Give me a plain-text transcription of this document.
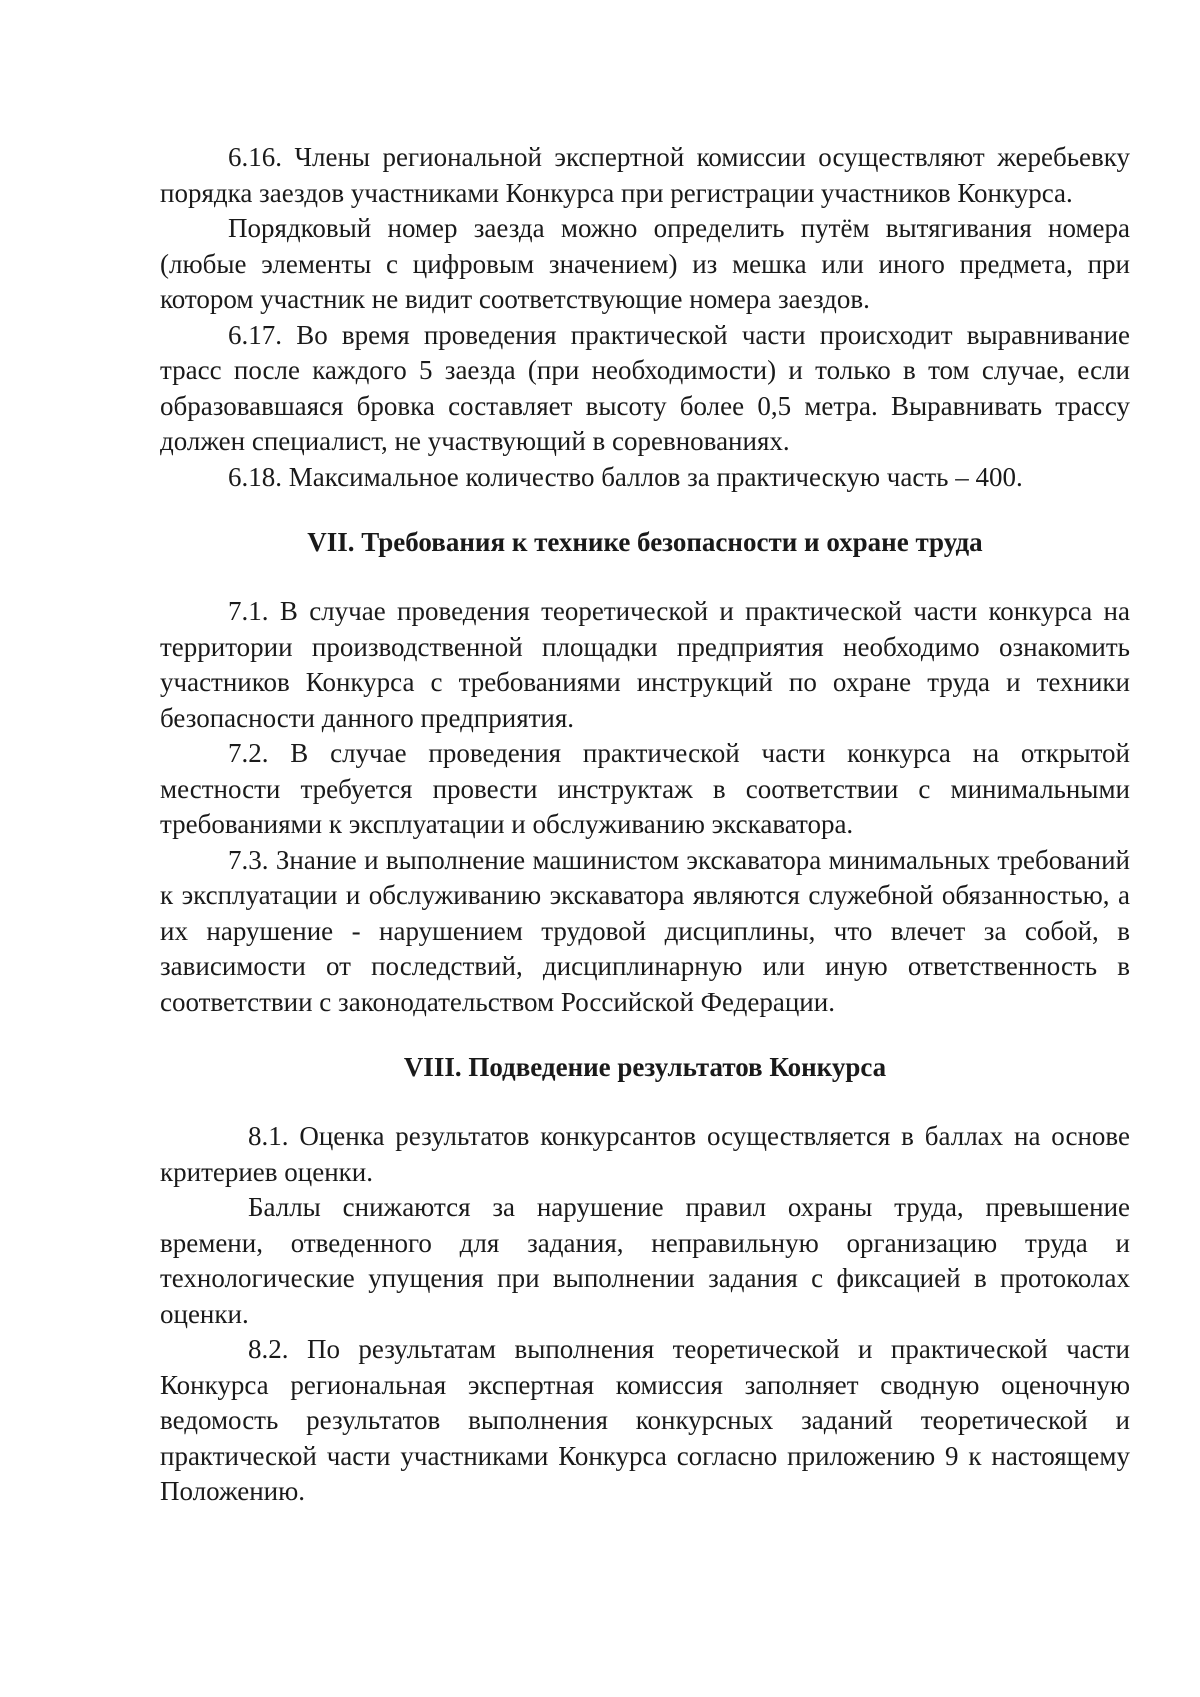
6.16. Члены региональной экспертной комиссии осуществляют жеребьевку порядка заездов участниками Конкурса при регистрации участников Конкурса.

Порядковый номер заезда можно определить путём вытягивания номера (любые элементы с цифровым значением) из мешка или иного предмета, при котором участник не видит соответствующие номера заездов.

6.17. Во время проведения практической части происходит выравнивание трасс после каждого 5 заезда (при необходимости) и только в том случае, если образовавшаяся бровка составляет высоту более 0,5 метра. Выравнивать трассу должен специалист, не участвующий в соревнованиях.

6.18. Максимальное количество баллов за практическую часть – 400.

VII. Требования к технике безопасности и охране труда

7.1. В случае проведения теоретической и практической части конкурса на территории производственной площадки предприятия необходимо ознакомить участников Конкурса с требованиями инструкций по охране труда и техники безопасности данного предприятия.

7.2. В случае проведения практической части конкурса на открытой местности требуется провести инструктаж в соответствии с минимальными требованиями к эксплуатации и обслуживанию экскаватора.

7.3. Знание и выполнение машинистом экскаватора минимальных требований к эксплуатации и обслуживанию экскаватора являются служебной обязанностью, а их нарушение - нарушением трудовой дисциплины, что влечет за собой, в зависимости от последствий, дисциплинарную или иную ответственность в соответствии с законодательством Российской Федерации.

VIII. Подведение результатов Конкурса

8.1. Оценка результатов конкурсантов осуществляется в баллах на основе критериев оценки.

Баллы снижаются за нарушение правил охраны труда, превышение времени, отведенного для задания, неправильную организацию труда и технологические упущения при выполнении задания с фиксацией в протоколах оценки.

8.2. По результатам выполнения теоретической и практической части Конкурса региональная экспертная комиссия заполняет сводную оценочную ведомость результатов выполнения конкурсных заданий теоретической и практической части участниками Конкурса согласно приложению 9 к настоящему Положению.
